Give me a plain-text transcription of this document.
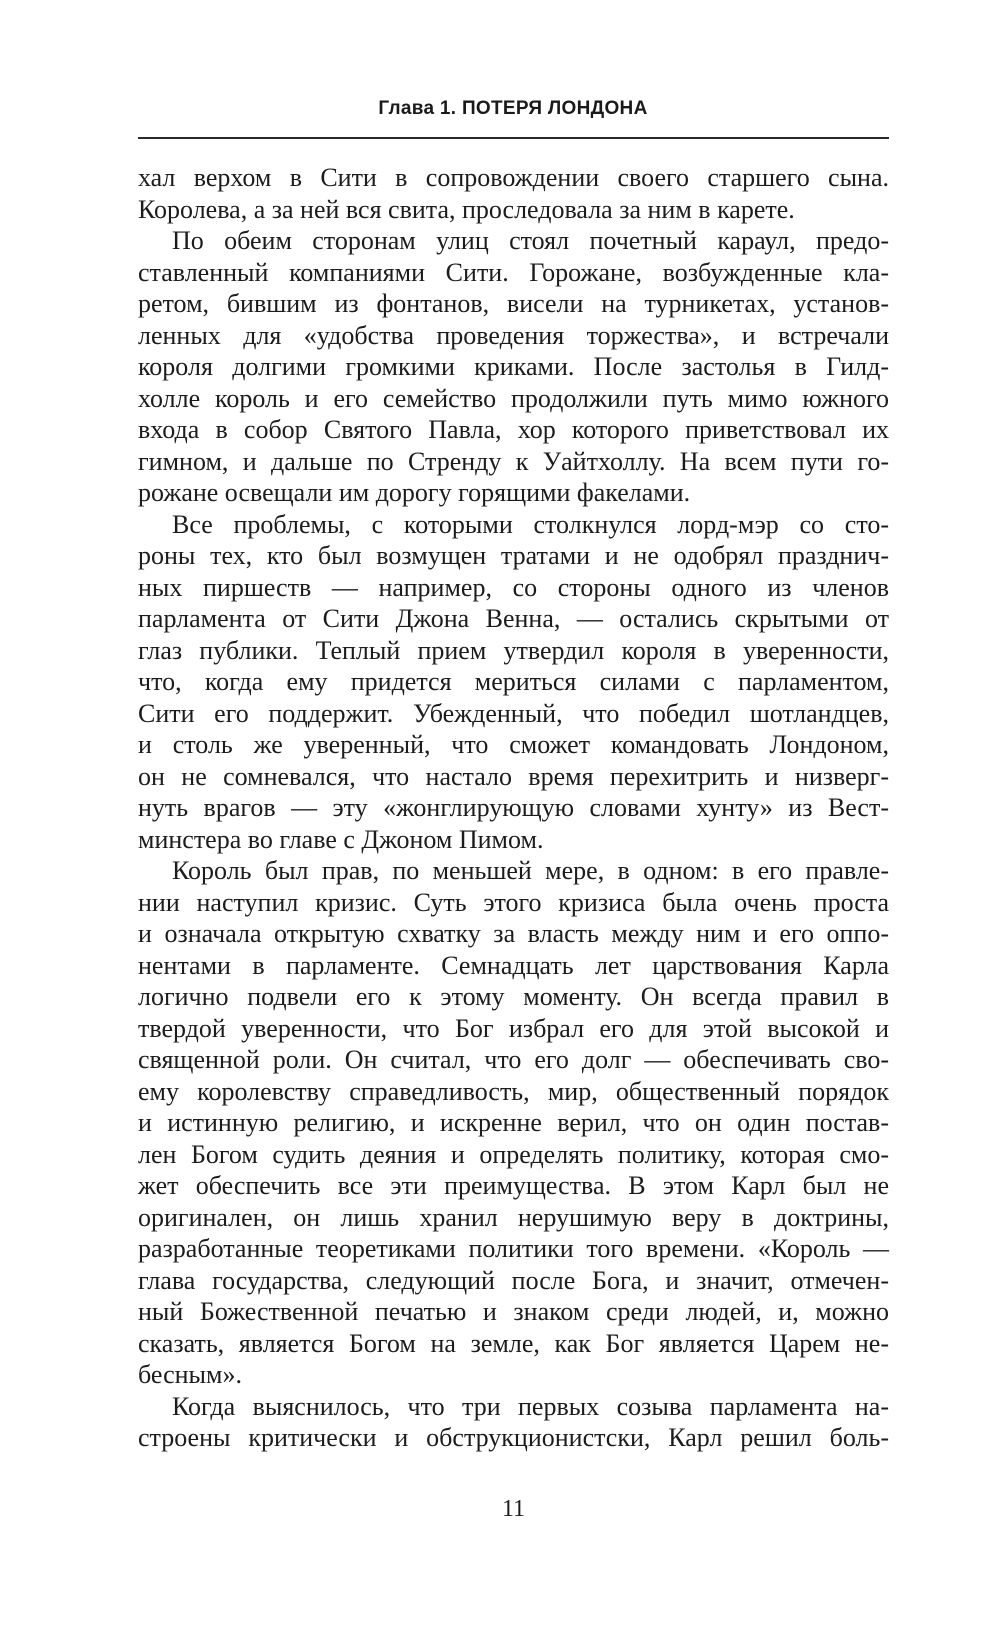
Глава 1. ПОТЕРЯ ЛОНДОНА
хал верхом в Сити в сопровождении своего старшего сына.
Королева, а за ней вся свита, проследовала за ним в карете.
По обеим сторонам улиц стоял почетный караул, предо-
ставленный компаниями Сити. Горожане, возбужденные кла-
ретом, бившим из фонтанов, висели на турникетах, установ-
ленных для «удобства проведения торжества», и встречали
короля долгими громкими криками. После застолья в Гилд-
холле король и его семейство продолжили путь мимо южного
входа в собор Святого Павла, хор которого приветствовал их
гимном, и дальше по Стренду к Уайтхоллу. На всем пути го-
рожане освещали им дорогу горящими факелами.
Все проблемы, с которыми столкнулся лорд-мэр со сто-
роны тех, кто был возмущен тратами и не одобрял празднич-
ных пиршеств — например, со стороны одного из членов
парламента от Сити Джона Венна, — остались скрытыми от
глаз публики. Теплый прием утвердил короля в уверенности,
что, когда ему придется мериться силами с парламентом,
Сити его поддержит. Убежденный, что победил шотландцев,
и столь же уверенный, что сможет командовать Лондоном,
он не сомневался, что настало время перехитрить и низверг-
нуть врагов — эту «жонглирующую словами хунту» из Вест-
минстера во главе с Джоном Пимом.
Король был прав, по меньшей мере, в одном: в его правле-
нии наступил кризис. Суть этого кризиса была очень проста
и означала открытую схватку за власть между ним и его оппо-
нентами в парламенте. Семнадцать лет царствования Карла
логично подвели его к этому моменту. Он всегда правил в
твердой уверенности, что Бог избрал его для этой высокой и
священной роли. Он считал, что его долг — обеспечивать сво-
ему королевству справедливость, мир, общественный порядок
и истинную религию, и искренне верил, что он один постав-
лен Богом судить деяния и определять политику, которая смо-
жет обеспечить все эти преимущества. В этом Карл был не
оригинален, он лишь хранил нерушимую веру в доктрины,
разработанные теоретиками политики того времени. «Король —
глава государства, следующий после Бога, и значит, отмечен-
ный Божественной печатью и знаком среди людей, и, можно
сказать, является Богом на земле, как Бог является Царем не-
бесным».
Когда выяснилось, что три первых созыва парламента на-
строены критически и обструкционистски, Карл решил боль-
11
